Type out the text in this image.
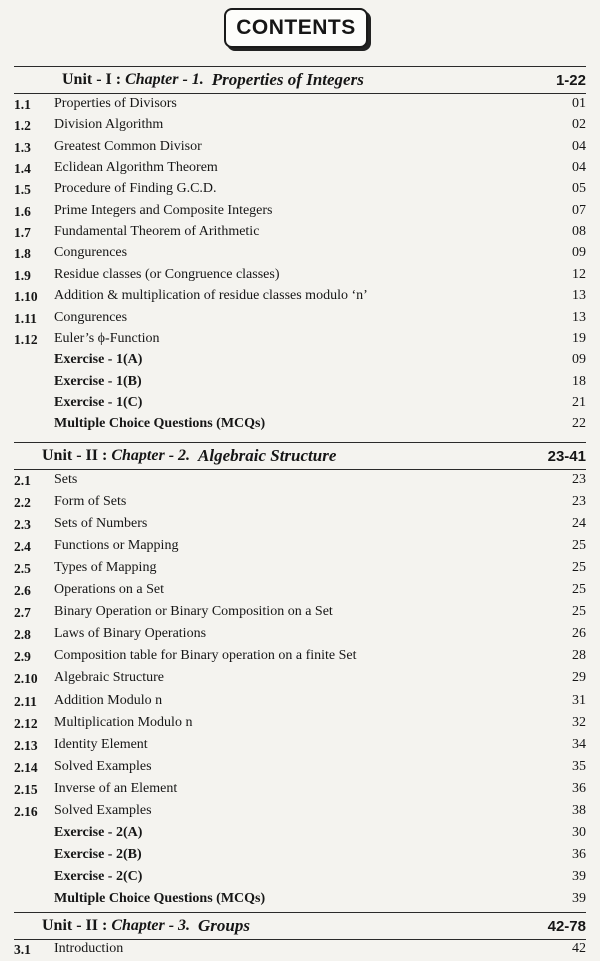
CONTENTS
Unit - I : Chapter - 1. Properties of Integers	1-22
1.1 Properties of Divisors	01
1.2 Division Algorithm	02
1.3 Greatest Common Divisor	04
1.4 Eclidean Algorithm Theorem	04
1.5 Procedure of Finding G.C.D.	05
1.6 Prime Integers and Composite Integers	07
1.7 Fundamental Theorem of Arithmetic	08
1.8 Congurences	09
1.9 Residue classes (or Congruence classes)	12
1.10 Addition & multiplication of residue classes modulo ‘n’	13
1.11 Congurences	13
1.12 Euler’s ϕ-Function	19
Exercise - 1(A)	09
Exercise - 1(B)	18
Exercise - 1(C)	21
Multiple Choice Questions (MCQs)	22
Unit - II : Chapter - 2. Algebraic Structure	23-41
2.1 Sets	23
2.2 Form of Sets	23
2.3 Sets of Numbers	24
2.4 Functions or Mapping	25
2.5 Types of Mapping	25
2.6 Operations on a Set	25
2.7 Binary Operation or Binary Composition on a Set	25
2.8 Laws of Binary Operations	26
2.9 Composition table for Binary operation on a finite Set	28
2.10 Algebraic Structure	29
2.11 Addition Modulo n	31
2.12 Multiplication Modulo n	32
2.13 Identity Element	34
2.14 Solved Examples	35
2.15 Inverse of an Element	36
2.16 Solved Examples	38
Exercise - 2(A)	30
Exercise - 2(B)	36
Exercise - 2(C)	39
Multiple Choice Questions (MCQs)	39
Unit - II : Chapter - 3. Groups	42-78
3.1 Introduction	42
